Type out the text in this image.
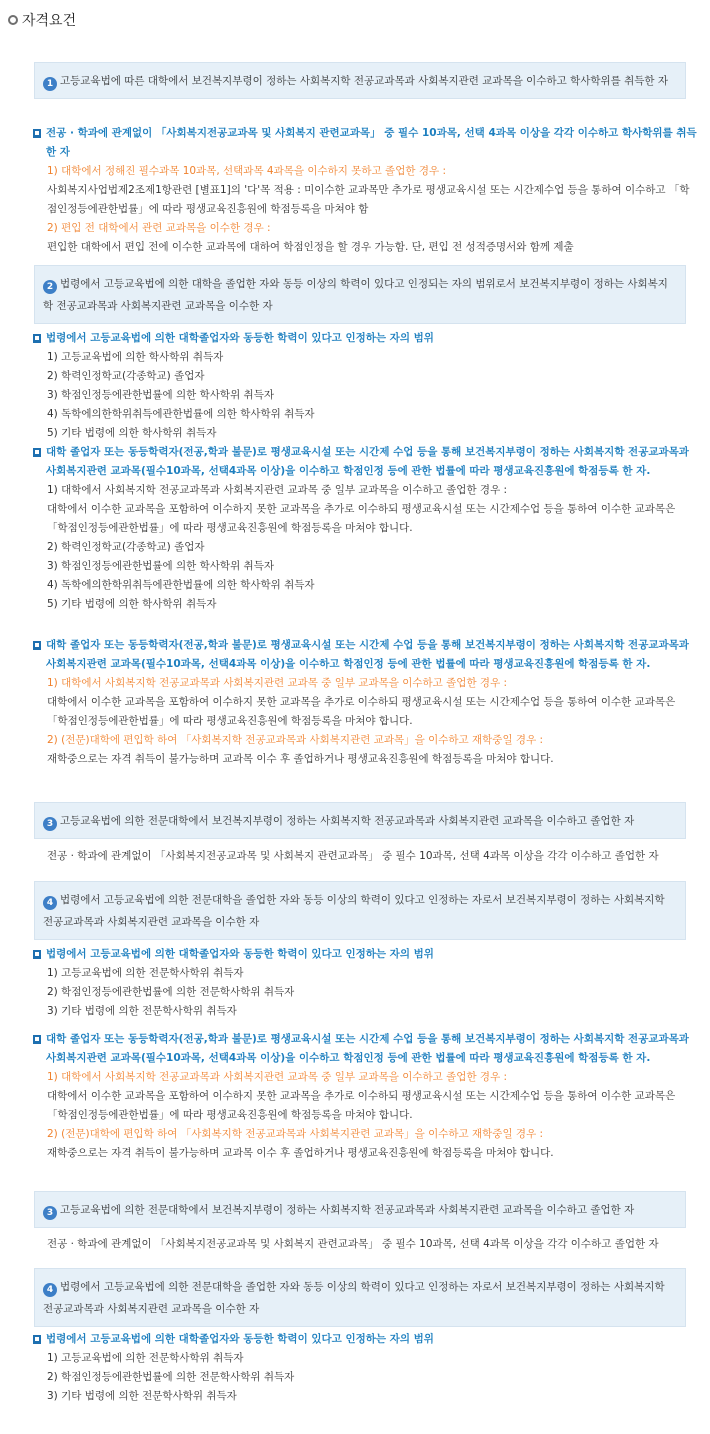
자격요건
1 고등교육법에 따른 대학에서 보건복지부령이 정하는 사회복지학 전공교과목과 사회복지관련 교과목을 이수하고 학사학위를 취득한 자
전공 · 학과에 관계없이 「사회복지전공교과목 및 사회복지 관련교과목」 중 필수 10과목, 선택 4과목 이상을 각각 이수하고 학사학위를 취득한 자
1) 대학에서 정해진 필수과목 10과목, 선택과목 4과목을 이수하지 못하고 졸업한 경우 :
사회복지사업법제2조제1항관련 [별표1]의 '다'목 적용 : 미이수한 교과목만 추가로 평생교육시설 또는 시간제수업 등을 통하여 이수하고 「학점인정등에관한법률」에 따라 평생교육진흥원에 학점등록을 마쳐야 함
2) 편입 전 대학에서 관련 교과목을 이수한 경우 :
편입한 대학에서 편입 전에 이수한 교과목에 대하여 학점인정을 할 경우 가능함. 단, 편입 전 성적증명서와 함께 제출
2 법령에서 고등교육법에 의한 대학을 졸업한 자와 동등 이상의 학력이 있다고 인정되는 자의 범위로서 보건복지부령이 정하는 사회복지학 전공교과목과 사회복지관련 교과목을 이수한 자
법령에서 고등교육법에 의한 대학졸업자와 동등한 학력이 있다고 인정하는 자의 범위
1) 고등교육법에 의한 학사학위 취득자
2) 학력인정학교(각종학교) 졸업자
3) 학점인정등에관한법률에 의한 학사학위 취득자
4) 독학에의한학위취득에관한법률에 의한 학사학위 취득자
5) 기타 법령에 의한 학사학위 취득자
대학 졸업자 또는 동등학력자(전공,학과 불문)로 평생교육시설 또는 시간제 수업 등을 통해 보건복지부령이 정하는 사회복지학 전공교과목과 사회복지관련 교과목(필수10과목, 선택4과목 이상)을 이수하고 학점인정 등에 관한 법률에 따라 평생교육진흥원에 학점등록 한 자.
1) 대학에서 사회복지학 전공교과목과 사회복지관련 교과목 중 일부 교과목을 이수하고 졸업한 경우 :
대학에서 이수한 교과목을 포함하여 이수하지 못한 교과목을 추가로 이수하되 평생교육시설 또는 시간제수업 등을 통하여 이수한 교과목은 「학점인정등에관한법률」에 따라 평생교육진흥원에 학점등록을 마쳐야 합니다.
2) 학력인정학교(각종학교) 졸업자
3) 학점인정등에관한법률에 의한 학사학위 취득자
4) 독학에의한학위취득에관한법률에 의한 학사학위 취득자
5) 기타 법령에 의한 학사학위 취득자
대학 졸업자 또는 동등학력자(전공,학과 불문)로 평생교육시설 또는 시간제 수업 등을 통해 보건복지부령이 정하는 사회복지학 전공교과목과 사회복지관련 교과목(필수10과목, 선택4과목 이상)을 이수하고 학점인정 등에 관한 법률에 따라 평생교육진흥원에 학점등록 한 자.
1) 대학에서 사회복지학 전공교과목과 사회복지관련 교과목 중 일부 교과목을 이수하고 졸업한 경우 :
대학에서 이수한 교과목을 포함하여 이수하지 못한 교과목을 추가로 이수하되 평생교육시설 또는 시간제수업 등을 통하여 이수한 교과목은 「학점인정등에관한법률」에 따라 평생교육진흥원에 학점등록을 마쳐야 합니다.
2) (전문)대학에 편입학 하여 「사회복지학 전공교과목과 사회복지관련 교과목」을 이수하고 재학중일 경우 :
재학중으로는 자격 취득이 불가능하며 교과목 이수 후 졸업하거나 평생교육진흥원에 학점등록을 마쳐야 합니다.
3 고등교육법에 의한 전문대학에서 보건복지부령이 정하는 사회복지학 전공교과목과 사회복지관련 교과목을 이수하고 졸업한 자
전공 · 학과에 관계없이 「사회복지전공교과목 및 사회복지 관련교과목」 중 필수 10과목, 선택 4과목 이상을 각각 이수하고 졸업한 자
4 법령에서 고등교육법에 의한 전문대학을 졸업한 자와 동등 이상의 학력이 있다고 인정하는 자로서 보건복지부령이 정하는 사회복지학 전공교과목과 사회복지관련 교과목을 이수한 자
법령에서 고등교육법에 의한 대학졸업자와 동등한 학력이 있다고 인정하는 자의 범위
1) 고등교육법에 의한 전문학사학위 취득자
2) 학점인정등에관한법률에 의한 전문학사학위 취득자
3) 기타 법령에 의한 전문학사학위 취득자
대학 졸업자 또는 동등학력자(전공,학과 불문)로 평생교육시설 또는 시간제 수업 등을 통해 보건복지부령이 정하는 사회복지학 전공교과목과 사회복지관련 교과목(필수10과목, 선택4과목 이상)을 이수하고 학점인정 등에 관한 법률에 따라 평생교육진흥원에 학점등록 한 자.
1) 대학에서 사회복지학 전공교과목과 사회복지관련 교과목 중 일부 교과목을 이수하고 졸업한 경우 :
대학에서 이수한 교과목을 포함하여 이수하지 못한 교과목을 추가로 이수하되 평생교육시설 또는 시간제수업 등을 통하여 이수한 교과목은 「학점인정등에관한법률」에 따라 평생교육진흥원에 학점등록을 마쳐야 합니다.
2) (전문)대학에 편입학 하여 「사회복지학 전공교과목과 사회복지관련 교과목」을 이수하고 재학중일 경우 :
재학중으로는 자격 취득이 불가능하며 교과목 이수 후 졸업하거나 평생교육진흥원에 학점등록을 마쳐야 합니다.
3 고등교육법에 의한 전문대학에서 보건복지부령이 정하는 사회복지학 전공교과목과 사회복지관련 교과목을 이수하고 졸업한 자
전공 · 학과에 관계없이 「사회복지전공교과목 및 사회복지 관련교과목」 중 필수 10과목, 선택 4과목 이상을 각각 이수하고 졸업한 자
4 법령에서 고등교육법에 의한 전문대학을 졸업한 자와 동등 이상의 학력이 있다고 인정하는 자로서 보건복지부령이 정하는 사회복지학 전공교과목과 사회복지관련 교과목을 이수한 자
법령에서 고등교육법에 의한 대학졸업자와 동등한 학력이 있다고 인정하는 자의 범위
1) 고등교육법에 의한 전문학사학위 취득자
2) 학점인정등에관한법률에 의한 전문학사학위 취득자
3) 기타 법령에 의한 전문학사학위 취득자
